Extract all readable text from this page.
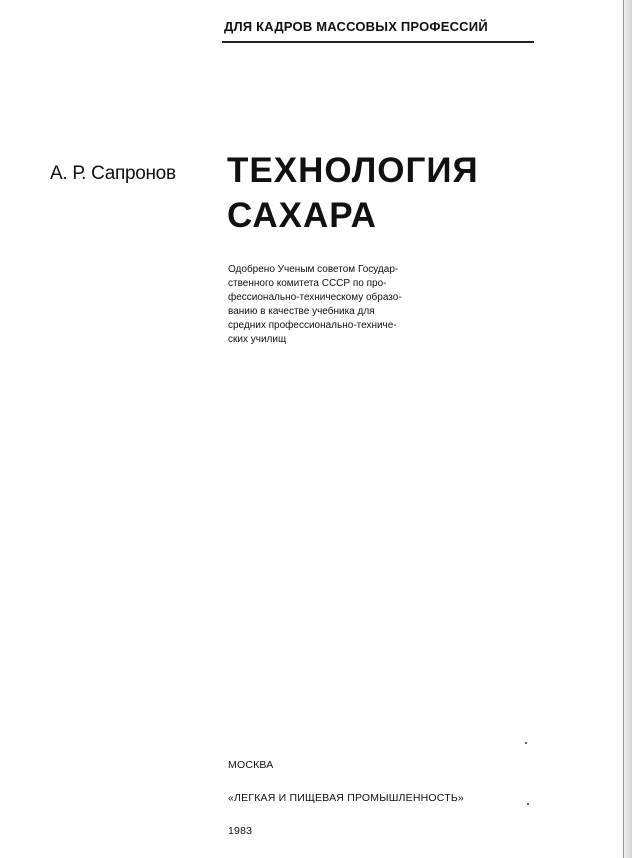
ДЛЯ КАДРОВ МАССОВЫХ ПРОФЕССИЙ
А. Р. Сапронов ТЕХНОЛОГИЯ
САХАРА
Одобрено Ученым советом Государ-
ственного комитета СССР по про-
фессионально-техническому образо-
ванию в качестве учебника для
средних профессионально-техниче-
ских училищ

МОСКВА

«ЛЕГКАЯ И ПИЩЕВАЯ ПРОМЫШЛЕННОСТЬ»

1983
